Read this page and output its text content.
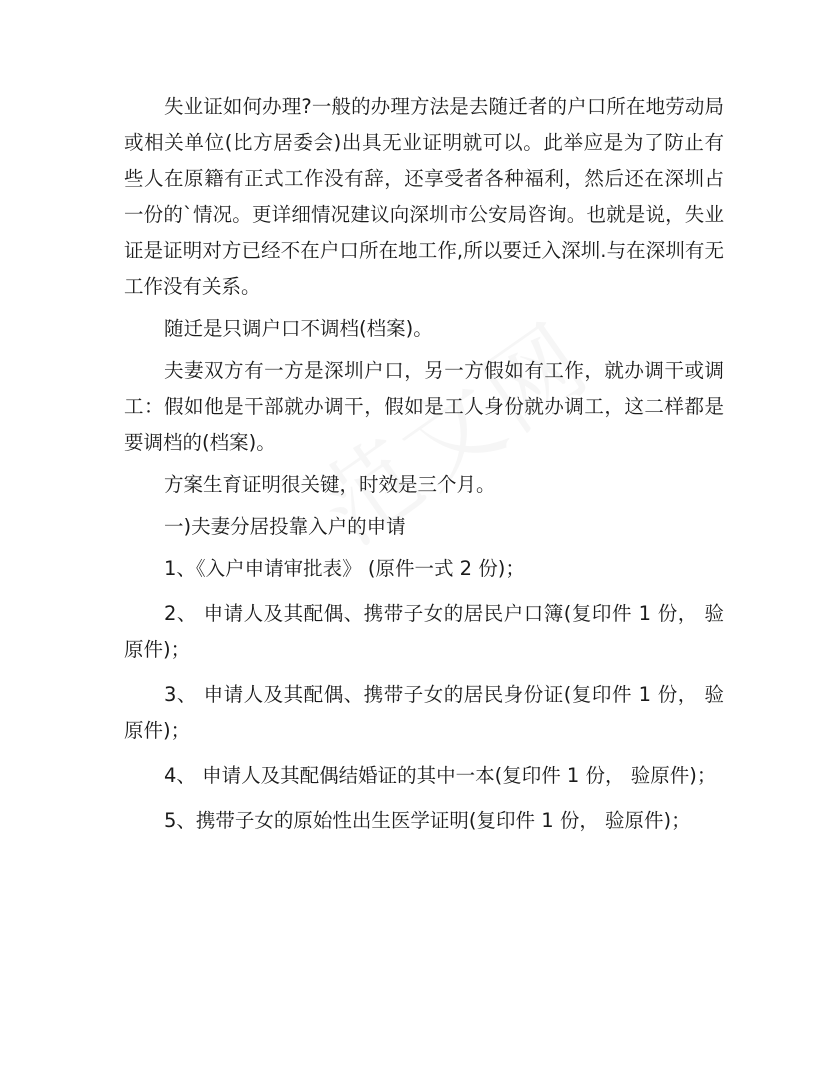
失业证如何办理?一般的办理方法是去随迁者的户口所在地劳动局或相关单位(比方居委会)出具无业证明就可以。此举应是为了防止有些人在原籍有正式工作没有辞，还享受者各种福利，然后还在深圳占一份的`情况。更详细情况建议向深圳市公安局咨询。也就是说，失业证是证明对方已经不在户口所在地工作,所以要迁入深圳.与在深圳有无工作没有关系。

随迁是只调户口不调档(档案)。

夫妻双方有一方是深圳户口，另一方假如有工作，就办调干或调工：假如他是干部就办调干，假如是工人身份就办调工，这二样都是要调档的(档案)。

方案生育证明很关键，时效是三个月。

一)夫妻分居投靠入户的申请

1、《入户申请审批表》 (原件一式 2 份)；

2、 申请人及其配偶、携带子女的居民户口簿(复印件 1 份， 验原件)；

3、 申请人及其配偶、携带子女的居民身份证(复印件 1 份， 验原件)；

4、 申请人及其配偶结婚证的其中一本(复印件 1 份， 验原件)；

5、携带子女的原始性出生医学证明(复印件 1 份， 验原件)；
